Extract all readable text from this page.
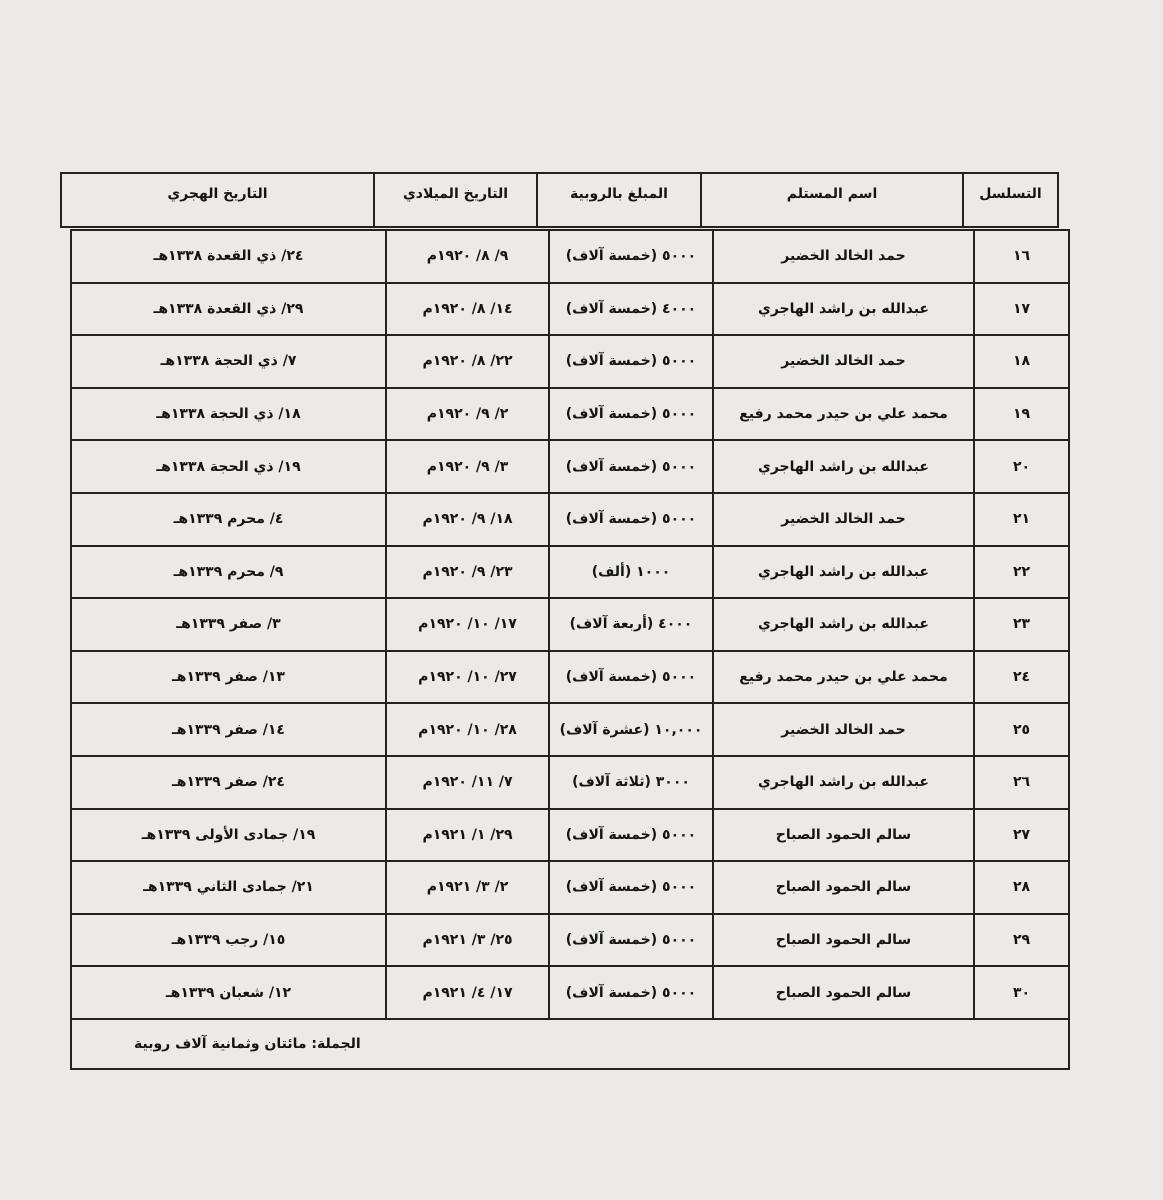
التسلسل	اسم المستلم	المبلغ بالروبية	التاريخ الميلادي	التاريخ الهجري
١٦	حمد الخالد الخضير	٥٠٠٠ (خمسة آلاف)	٩/ ٨/ ١٩٢٠م	٢٤/ ذي القعدة ١٣٣٨هـ
١٧	عبدالله بن راشد الهاجري	٤٠٠٠ (خمسة آلاف)	١٤/ ٨/ ١٩٢٠م	٢٩/ ذي القعدة ١٣٣٨هـ
١٨	حمد الخالد الخضير	٥٠٠٠ (خمسة آلاف)	٢٢/ ٨/ ١٩٢٠م	٧/ ذي الحجة ١٣٣٨هـ
١٩	محمد علي بن حيدر محمد رفيع	٥٠٠٠ (خمسة آلاف)	٢/ ٩/ ١٩٢٠م	١٨/ ذي الحجة ١٣٣٨هـ
٢٠	عبدالله بن راشد الهاجري	٥٠٠٠ (خمسة آلاف)	٣/ ٩/ ١٩٢٠م	١٩/ ذي الحجة ١٣٣٨هـ
٢١	حمد الخالد الخضير	٥٠٠٠ (خمسة آلاف)	١٨/ ٩/ ١٩٢٠م	٤/ محرم ١٣٣٩هـ
٢٢	عبدالله بن راشد الهاجري	١٠٠٠ (ألف)	٢٣/ ٩/ ١٩٢٠م	٩/ محرم ١٣٣٩هـ
٢٣	عبدالله بن راشد الهاجري	٤٠٠٠ (أربعة آلاف)	١٧/ ١٠/ ١٩٢٠م	٣/ صفر ١٣٣٩هـ
٢٤	محمد علي بن حيدر محمد رفيع	٥٠٠٠ (خمسة آلاف)	٢٧/ ١٠/ ١٩٢٠م	١٣/ صفر ١٣٣٩هـ
٢٥	حمد الخالد الخضير	١٠,٠٠٠ (عشرة آلاف)	٢٨/ ١٠/ ١٩٢٠م	١٤/ صفر ١٣٣٩هـ
٢٦	عبدالله بن راشد الهاجري	٣٠٠٠ (ثلاثة آلاف)	٧/ ١١/ ١٩٢٠م	٢٤/ صفر ١٣٣٩هـ
٢٧	سالم الحمود الصباح	٥٠٠٠ (خمسة آلاف)	٢٩/ ١/ ١٩٢١م	١٩/ جمادى الأولى ١٣٣٩هـ
٢٨	سالم الحمود الصباح	٥٠٠٠ (خمسة آلاف)	٢/ ٣/ ١٩٢١م	٢١/ جمادى الثاني ١٣٣٩هـ
٢٩	سالم الحمود الصباح	٥٠٠٠ (خمسة آلاف)	٢٥/ ٣/ ١٩٢١م	١٥/ رجب ١٣٣٩هـ
٣٠	سالم الحمود الصباح	٥٠٠٠ (خمسة آلاف)	١٧/ ٤/ ١٩٢١م	١٢/ شعبان ١٣٣٩هـ
الجملة: مائتان وثمانية آلاف روبية				
